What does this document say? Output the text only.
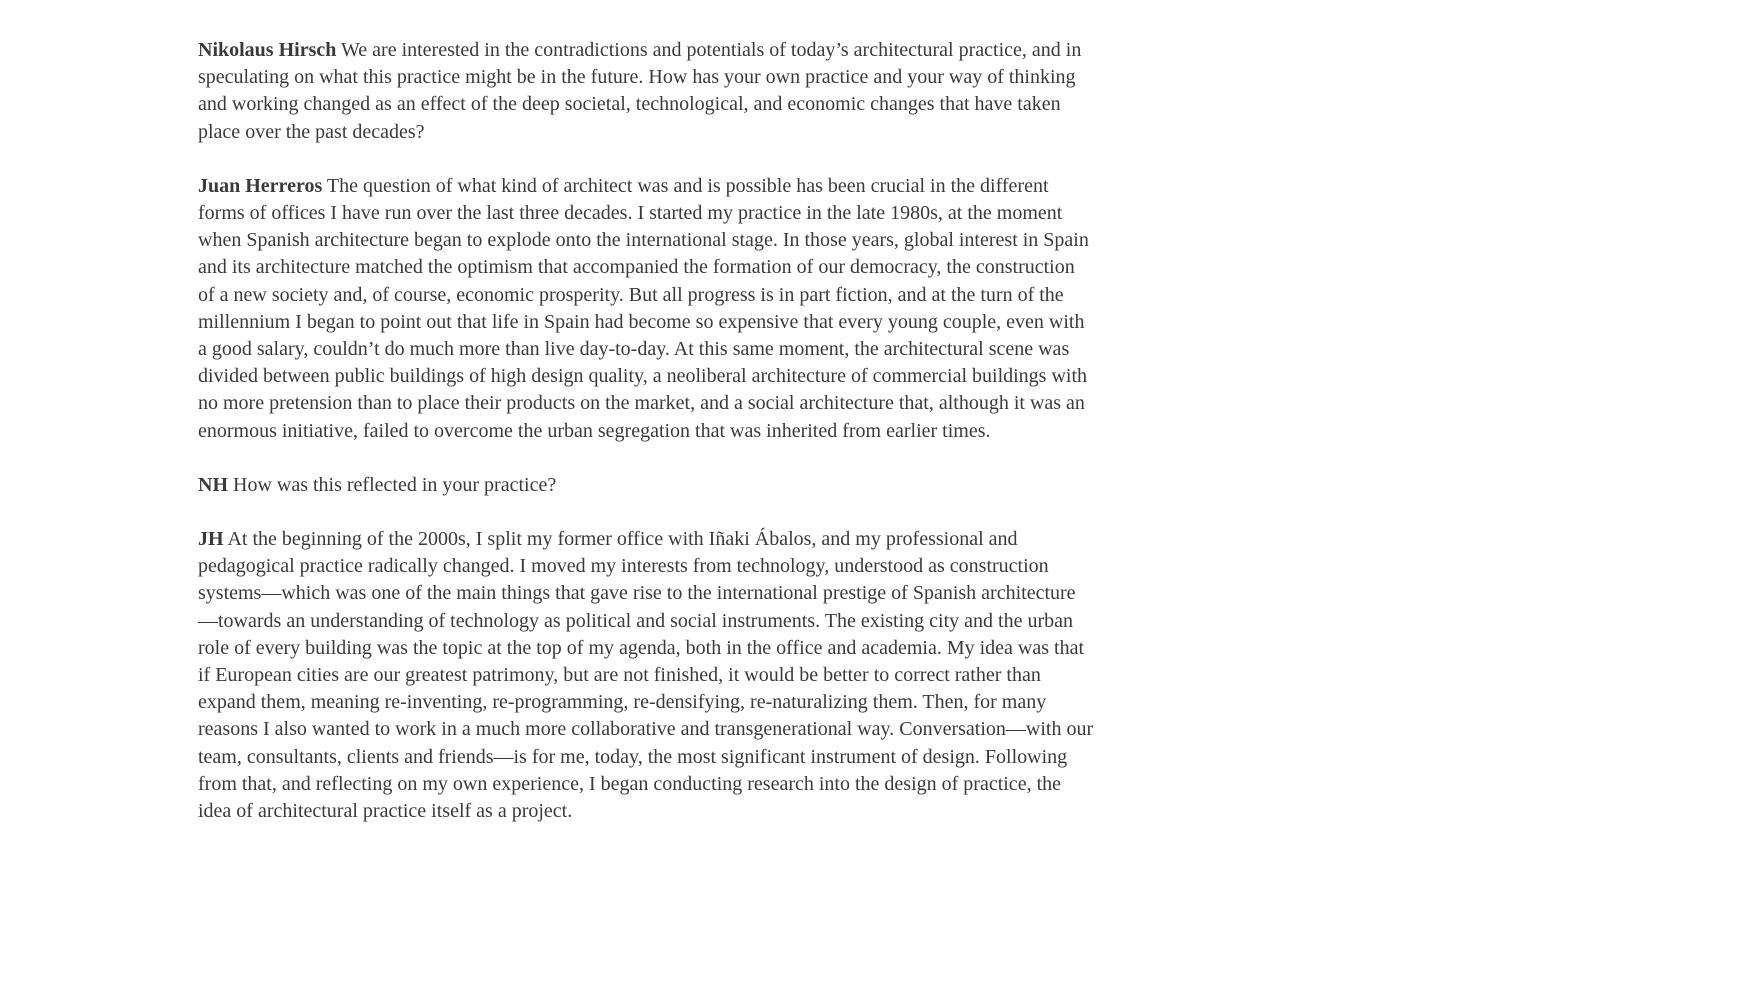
Nikolaus Hirsch We are interested in the contradictions and potentials of today’s architectural practice, and in speculating on what this practice might be in the future. How has your own practice and your way of thinking and working changed as an effect of the deep societal, technological, and economic changes that have taken place over the past decades?

Juan Herreros The question of what kind of architect was and is possible has been crucial in the different forms of offices I have run over the last three decades. I started my practice in the late 1980s, at the moment when Spanish architecture began to explode onto the international stage. In those years, global interest in Spain and its architecture matched the optimism that accompanied the formation of our democracy, the construction of a new society and, of course, economic prosperity. But all progress is in part fiction, and at the turn of the millennium I began to point out that life in Spain had become so expensive that every young couple, even with a good salary, couldn’t do much more than live day-to-day. At this same moment, the architectural scene was divided between public buildings of high design quality, a neoliberal architecture of commercial buildings with no more pretension than to place their products on the market, and a social architecture that, although it was an enormous initiative, failed to overcome the urban segregation that was inherited from earlier times.

NH How was this reflected in your practice?

JH At the beginning of the 2000s, I split my former office with Iñaki Ábalos, and my professional and pedagogical practice radically changed. I moved my interests from technology, understood as construction systems—which was one of the main things that gave rise to the international prestige of Spanish architecture—towards an understanding of technology as political and social instruments. The existing city and the urban role of every building was the topic at the top of my agenda, both in the office and academia. My idea was that if European cities are our greatest patrimony, but are not finished, it would be better to correct rather than expand them, meaning re-inventing, re-programming, re-densifying, re-naturalizing them. Then, for many reasons I also wanted to work in a much more collaborative and transgenerational way. Conversation—with our team, consultants, clients and friends—is for me, today, the most significant instrument of design. Following from that, and reflecting on my own experience, I began conducting research into the design of practice, the idea of architectural practice itself as a project.
